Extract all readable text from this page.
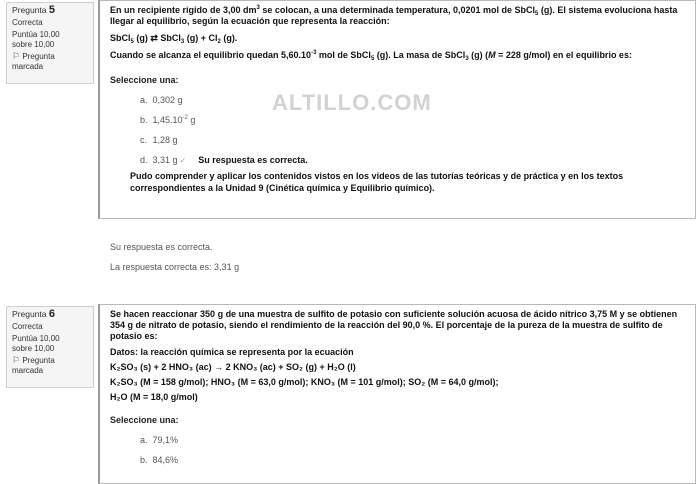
Pregunta 5
Correcta
Puntúa 10,00 sobre 10,00
⚐ Pregunta marcada
En un recipiente rígido de 3,00 $dm^3$ se colocan, a una determinada temperatura, 0,0201 mol de SbCl$_5$ (g). El sistema evoluciona hasta llegar al equilibrio, según la ecuación que representa la reacción:
SbCl$_5$ (g) ⇄ SbCl$_3$ $(g) + Cl_2$ (g).
Cuando se alcanza el equilibrio quedan $5,60.10^{-3}$ mol de SbCl$_5$ (g). La masa de SbCl$_3$ (g) (M = 228 g/mol) en el equilibrio es:
Seleccione una:
a. 0,302 g
b. $1,45.10^{-2}$ g
c. 1,28 g
d. 3,31 g ✓ Su respuesta es correcta.
Pudo comprender y aplicar los contenidos vistos en los videos de las tutorías teóricas y de práctica y en los textos correspondientes a la Unidad 9 (Cinética química y Equilibrio químico).
ALTILLO.COM
Su respuesta es correcta.
La respuesta correcta es: 3,31 g
Pregunta 6
Correcta
Puntúa 10,00 sobre 10,00
⚐ Pregunta marcada
Se hacen reaccionar 350 g de una muestra de sulfito de potasio con suficiente solución acuosa de ácido nítrico 3,75 M y se obtienen 354 g de nitrato de potasio, siendo el rendimiento de la reacción del 90,0 %. El porcentaje de la pureza de la muestra de sulfito de potasio es:
Datos: la reacción química se representa por la ecuación
K₂SO₃ (s) + 2 HNO₃ (ac) → 2 KNO₃ (ac) + SO₂ (g) + H₂O (l)
K₂SO₃ (M = 158 g/mol); HNO₃ (M = 63,0 g/mol); KNO₃ (M = 101 g/mol); SO₂ (M = 64,0 g/mol);
H₂O (M = 18,0 g/mol)
Seleccione una:
a. 79,1%
b. 84,6%
